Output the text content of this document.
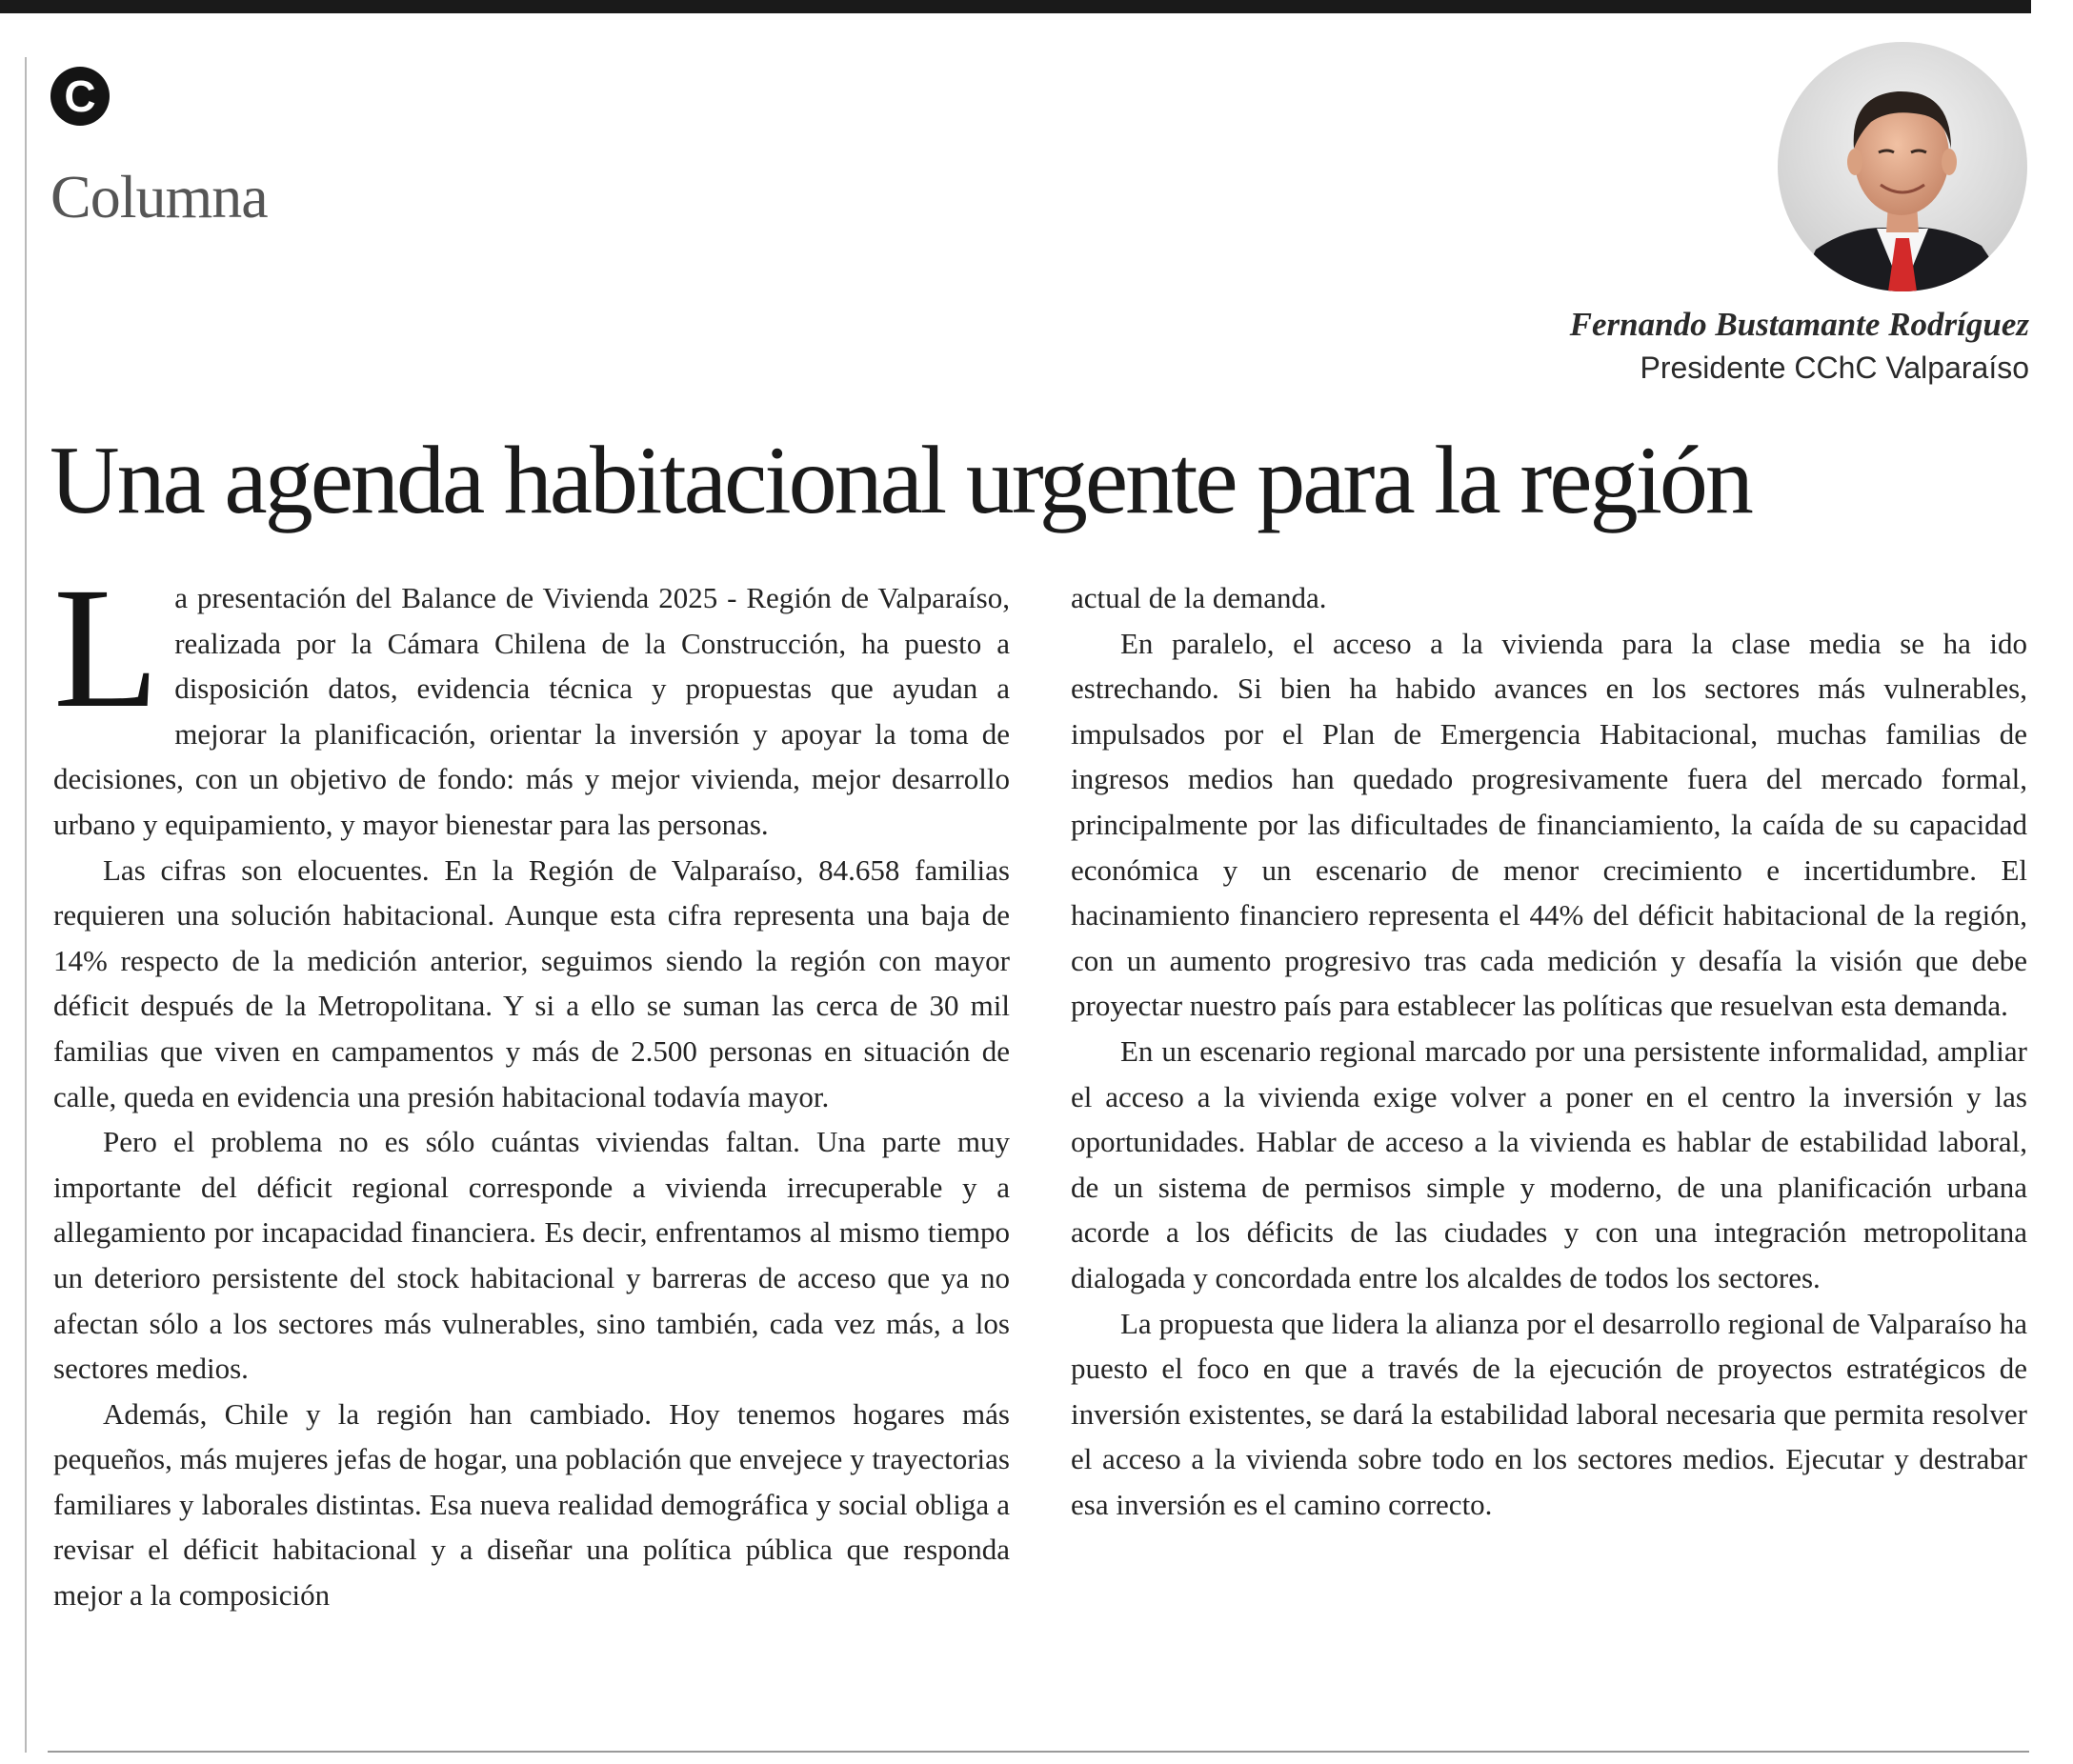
C
Columna
Fernando Bustamante Rodríguez
Presidente CChC Valparaíso
Una agenda habitacional urgente para la región

La presentación del Balance de Vivienda 2025 - Región de Valparaíso, realizada por la Cámara Chilena de la Construcción, ha puesto a disposición datos, evidencia técnica y propuestas que ayudan a mejorar la planificación, orientar la inversión y apoyar la toma de decisiones, con un objetivo de fondo: más y mejor vivienda, mejor desarrollo urbano y equipamiento, y mayor bienestar para las personas.

Las cifras son elocuentes. En la Región de Valparaíso, 84.658 familias requieren una solución habitacional. Aunque esta cifra representa una baja de 14% respecto de la medición anterior, seguimos siendo la región con mayor déficit después de la Metropolitana. Y si a ello se suman las cerca de 30 mil familias que viven en campamentos y más de 2.500 personas en situación de calle, queda en evidencia una presión habitacional todavía mayor.

Pero el problema no es sólo cuántas viviendas faltan. Una parte muy importante del déficit regional corresponde a vivienda irrecuperable y a allegamiento por incapacidad financiera. Es decir, enfrentamos al mismo tiempo un deterioro persistente del stock habitacional y barreras de acceso que ya no afectan sólo a los sectores más vulnerables, sino también, cada vez más, a los sectores medios.

Además, Chile y la región han cambiado. Hoy tenemos hogares más pequeños, más mujeres jefas de hogar, una población que envejece y trayectorias familiares y laborales distintas. Esa nueva realidad demográfica y social obliga a revisar el déficit habitacional y a diseñar una política pública que responda mejor a la composición

actual de la demanda.

En paralelo, el acceso a la vivienda para la clase media se ha ido estrechando. Si bien ha habido avances en los sectores más vulnerables, impulsados por el Plan de Emergencia Habitacional, muchas familias de ingresos medios han quedado progresivamente fuera del mercado formal, principalmente por las dificultades de financiamiento, la caída de su capacidad económica y un escenario de menor crecimiento e incertidumbre. El hacinamiento financiero representa el 44% del déficit habitacional de la región, con un aumento progresivo tras cada medición y desafía la visión que debe proyectar nuestro país para establecer las políticas que resuelvan esta demanda.

En un escenario regional marcado por una persistente informalidad, ampliar el acceso a la vivienda exige volver a poner en el centro la inversión y las oportunidades. Hablar de acceso a la vivienda es hablar de estabilidad laboral, de un sistema de permisos simple y moderno, de una planificación urbana acorde a los déficits de las ciudades y con una integración metropolitana dialogada y concordada entre los alcaldes de todos los sectores.

La propuesta que lidera la alianza por el desarrollo regional de Valparaíso ha puesto el foco en que a través de la ejecución de proyectos estratégicos de inversión existentes, se dará la estabilidad laboral necesaria que permita resolver el acceso a la vivienda sobre todo en los sectores medios. Ejecutar y destrabar esa inversión es el camino correcto.
